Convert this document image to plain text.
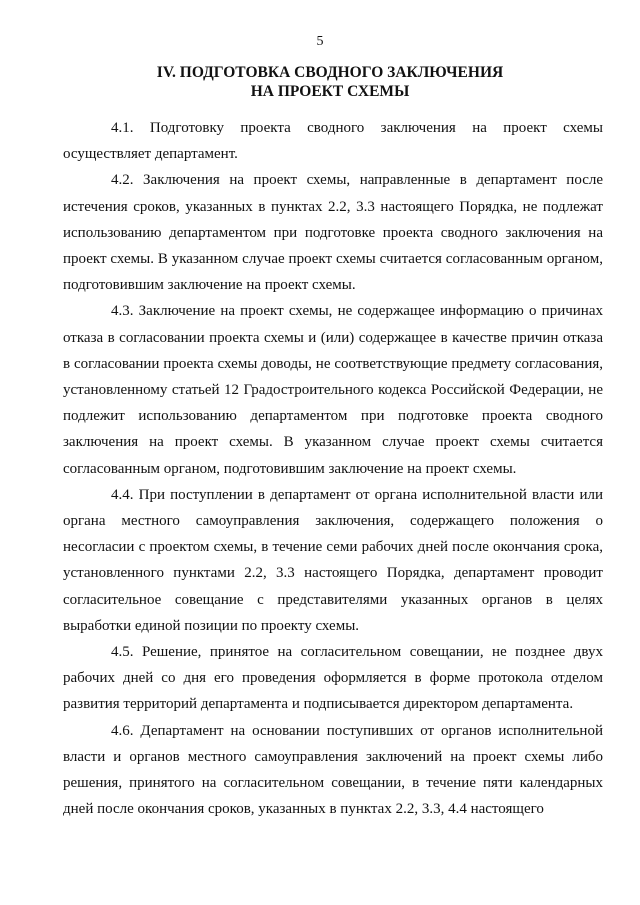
5
IV. ПОДГОТОВКА СВОДНОГО ЗАКЛЮЧЕНИЯ
НА ПРОЕКТ СХЕМЫ

4.1. Подготовку проекта сводного заключения на проект схемы осуществляет департамент.

4.2. Заключения на проект схемы, направленные в департамент после истечения сроков, указанных в пунктах 2.2, 3.3 настоящего Порядка, не подлежат использованию департаментом при подготовке проекта сводного заключения на проект схемы. В указанном случае проект схемы считается согласованным органом, подготовившим заключение на проект схемы.

4.3. Заключение на проект схемы, не содержащее информацию о причинах отказа в согласовании проекта схемы и (или) содержащее в качестве причин отказа в согласовании проекта схемы доводы, не соответствующие предмету согласования, установленному статьей 12 Градостроительного кодекса Российской Федерации, не подлежит использованию департаментом при подготовке проекта сводного заключения на проект схемы. В указанном случае проект схемы считается согласованным органом, подготовившим заключение на проект схемы.

4.4. При поступлении в департамент от органа исполнительной власти или органа местного самоуправления заключения, содержащего положения о несогласии с проектом схемы, в течение семи рабочих дней после окончания срока, установленного пунктами 2.2, 3.3 настоящего Порядка, департамент проводит согласительное совещание с представителями указанных органов в целях выработки единой позиции по проекту схемы.

4.5. Решение, принятое на согласительном совещании, не позднее двух рабочих дней со дня его проведения оформляется в форме протокола отделом развития территорий департамента и подписывается директором департамента.

4.6. Департамент на основании поступивших от органов исполнительной власти и органов местного самоуправления заключений на проект схемы либо решения, принятого на согласительном совещании, в течение пяти календарных дней после окончания сроков, указанных в пунктах 2.2, 3.3, 4.4 настоящего
